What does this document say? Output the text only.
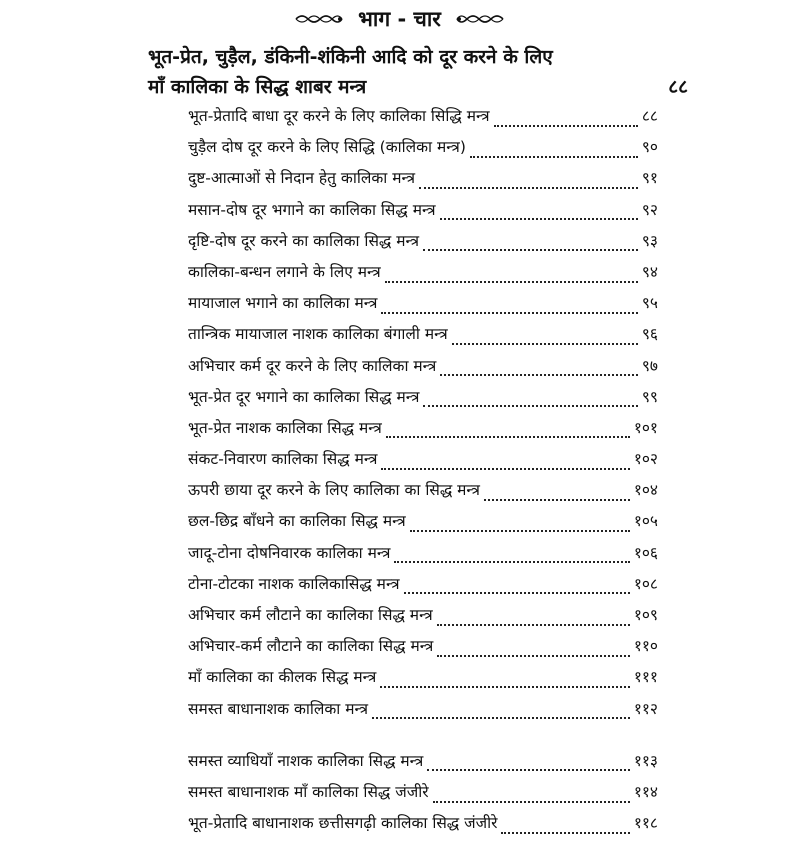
भाग - चार
भूत-प्रेत, चुड़ैल, डंकिनी-शंकिनी आदि को दूर करने के लिए
माँ कालिका के सिद्ध शाबर मन्त्र	८८
भूत-प्रेतादि बाधा दूर करने के लिए कालिका सिद्धि मन्त्र	८८
चुड़ैल दोष दूर करने के लिए सिद्धि (कालिका मन्त्र)	९०
दुष्ट-आत्माओं से निदान हेतु कालिका मन्त्र	९१
मसान-दोष दूर भगाने का कालिका सिद्ध मन्त्र	९२
दृष्टि-दोष दूर करने का कालिका सिद्ध मन्त्र	९३
कालिका-बन्धन लगाने के लिए मन्त्र	९४
मायाजाल भगाने का कालिका मन्त्र	९५
तान्त्रिक मायाजाल नाशक कालिका बंगाली मन्त्र	९६
अभिचार कर्म दूर करने के लिए कालिका मन्त्र	९७
भूत-प्रेत दूर भगाने का कालिका सिद्ध मन्त्र	९९
भूत-प्रेत नाशक कालिका सिद्ध मन्त्र	१०१
संकट-निवारण कालिका सिद्ध मन्त्र	१०२
ऊपरी छाया दूर करने के लिए कालिका का सिद्ध मन्त्र	१०४
छल-छिद्र बाँधने का कालिका सिद्ध मन्त्र	१०५
जादू-टोना दोषनिवारक कालिका मन्त्र	१०६
टोना-टोटका नाशक कालिकासिद्ध मन्त्र	१०८
अभिचार कर्म लौटाने का कालिका सिद्ध मन्त्र	१०९
अभिचार-कर्म लौटाने का कालिका सिद्ध मन्त्र	११०
माँ कालिका का कीलक सिद्ध मन्त्र	१११
समस्त बाधानाशक कालिका मन्त्र	११२
समस्त व्याधियाँ नाशक कालिका सिद्ध मन्त्र	११३
समस्त बाधानाशक माँ कालिका सिद्ध जंजीरे	११४
भूत-प्रेतादि बाधानाशक छत्तीसगढ़ी कालिका सिद्ध जंजीरे	११८
